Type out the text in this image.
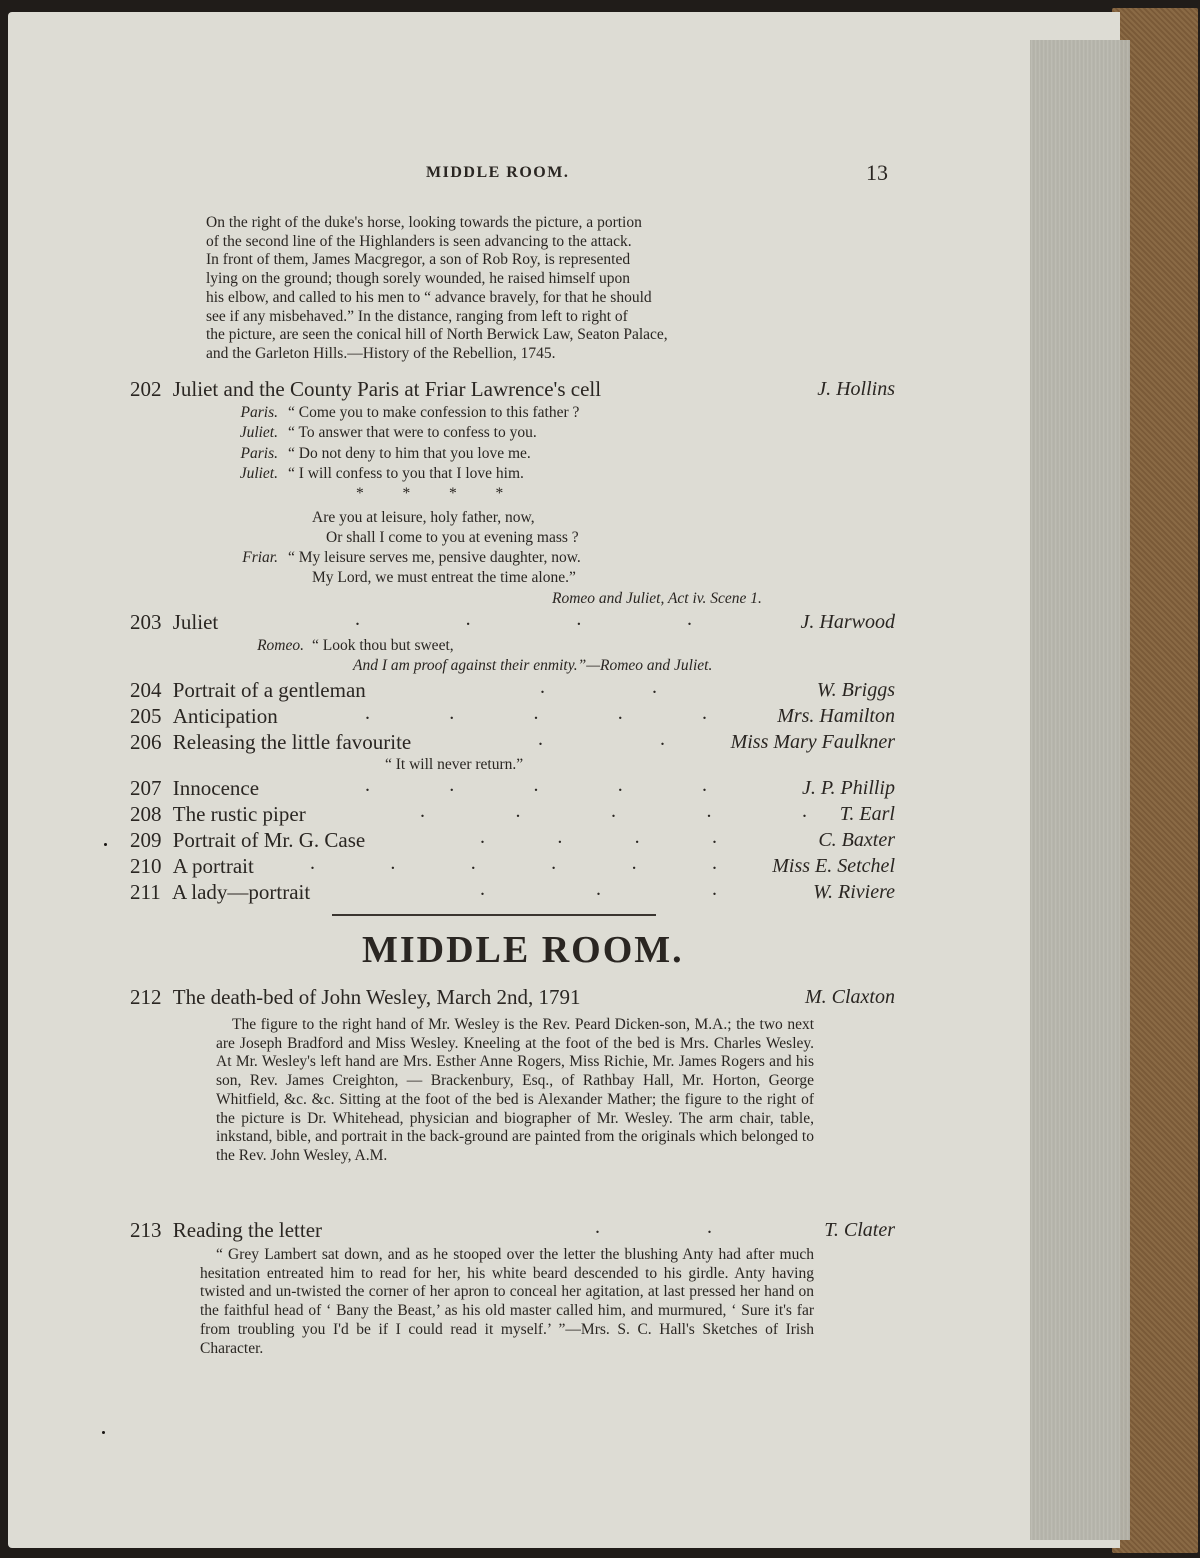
MIDDLE ROOM.	13

On the right of the duke's horse, looking towards the picture, a portion

of the second line of the Highlanders is seen advancing to the attack.

In front of them, James Macgregor, a son of Rob Roy, is represented

lying on the ground; though sorely wounded, he raised himself upon

his elbow, and called to his men to “ advance bravely, for that he should

see if any misbehaved.” In the distance, ranging from left to right of

the picture, are seen the conical hill of North Berwick Law, Seaton Palace,

and the Garleton Hills.—History of the Rebellion, 1745.

202 Juliet and the County Paris at Friar Lawrence's cell	J. Hollins
Paris. “ Come you to make confession to this father ?
Juliet. “ To answer that were to confess to you.
Paris. “ Do not deny to him that you love me.
Juliet. “ I will confess to you that I love him.
*          *          *          *
Are you at leisure, holy father, now,
Or shall I come to you at evening mass ?
Friar. “ My leisure serves me, pensive daughter, now.
My Lord, we must entreat the time alone.”
Romeo and Juliet, Act iv. Scene 1.
203 Juliet	.	.	.	.	J. Harwood
Romeo. “ Look thou but sweet,
And I am proof against their enmity.”—Romeo and Juliet.
204 Portrait of a gentleman	.	.	W. Briggs
205 Anticipation	.	.	.	.	.	Mrs. Hamilton
206 Releasing the little favourite	.	.	Miss Mary Faulkner
“ It will never return.”
207 Innocence	.	.	.	.	.	J. P. Phillip
208 The rustic piper	.	.	.	.	. T. Earl
209 Portrait of Mr. G. Case	.	.	.	.	C. Baxter
210 A portrait	.	.	.	.	.	.	Miss E. Setchel
211 A lady—portrait	.	.	.	W. Riviere
MIDDLE ROOM.
212 The death-bed of John Wesley, March 2nd, 1791	M. Claxton
The figure to the right hand of Mr. Wesley is the Rev. Peard Dicken-son, M.A.; the two next are Joseph Bradford and Miss Wesley. Kneeling at the foot of the bed is Mrs. Charles Wesley. At Mr. Wesley's left hand are Mrs. Esther Anne Rogers, Miss Richie, Mr. James Rogers and his son, Rev. James Creighton, — Brackenbury, Esq., of Rathbay Hall, Mr. Horton, George Whitfield, &c. &c. Sitting at the foot of the bed is Alexander Mather; the figure to the right of the picture is Dr. Whitehead, physician and biographer of Mr. Wesley. The arm chair, table, inkstand, bible, and portrait in the back-ground are painted from the originals which belonged to the Rev. John Wesley, A.M.
213 Reading the letter	.	.	T. Clater
“ Grey Lambert sat down, and as he stooped over the letter the blushing Anty had after much hesitation entreated him to read for her, his white beard descended to his girdle. Anty having twisted and un-twisted the corner of her apron to conceal her agitation, at last pressed her hand on the faithful head of ‘ Bany the Beast,’ as his old master called him, and murmured, ‘ Sure it's far from troubling you I'd be if I could read it myself.’ ”—Mrs. S. C. Hall's Sketches of Irish Character.
